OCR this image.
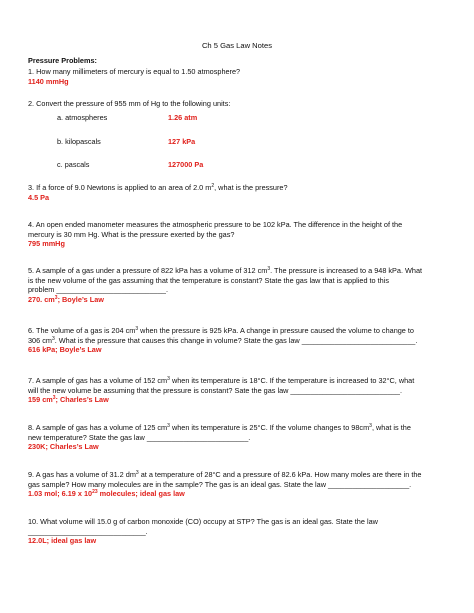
Ch 5 Gas Law Notes
Pressure Problems:
1. How many millimeters of mercury is equal to 1.50 atmosphere?
1140 mmHg
2. Convert the pressure of 955 mm of Hg to the following units:
a. atmospheres	1.26 atm
b. kilopascals	127 kPa
c. pascals	127000 Pa
3. If a force of 9.0 Newtons is applied to an area of 2.0 $m^2$, what is the pressure?
4.5 Pa
4. An open ended manometer measures the atmospheric pressure to be 102 kPa. The difference in the height of the
mercury is 30 mm Hg. What is the pressure exerted by the gas?
795 mmHg
5. A sample of a gas under a pressure of 822 kPa has a volume of 312 $cm^3$. The pressure is increased to a 948 kPa. What
is the new volume of the gas assuming that the temperature is constant? State the gas law that is applied to this
problem ___________________________.
270. $cm^3$; Boyle’s Law
6. The volume of a gas is 204 $cm^3$ when the pressure is 925 kPa. A change in pressure caused the volume to change to
306 $cm^3$. What is the pressure that causes this change in volume? State the gas law ____________________________.
616 kPa; Boyle’s Law
7. A sample of gas has a volume of 152 $cm^3$ when its temperature is 18°C. If the temperature is increased to 32°C, what
will the new volume be assuming that the pressure is constant? Sate the gas law ___________________________.
159 $cm^3$; Charles’s Law
8. A sample of gas has a volume of 125 $cm^3$ when its temperature is 25°C. If the volume changes to $98cm^3$, what is the
new temperature? State the gas law _________________________.
230K; Charles’s Law
9. A gas has a volume of 31.2 $dm^3$ at a temperature of 28°C and a pressure of 82.6 kPa. How many moles are there in the
gas sample? How many molecules are in the sample? The gas is an ideal gas. State the law ____________________.
1.03 mol; 6.19 x $10^{23}$ molecules; ideal gas law
10. What volume will 15.0 g of carbon monoxide (CO) occupy at STP? The gas is an ideal gas. State the law
_____________________________.
12.0L; ideal gas law
